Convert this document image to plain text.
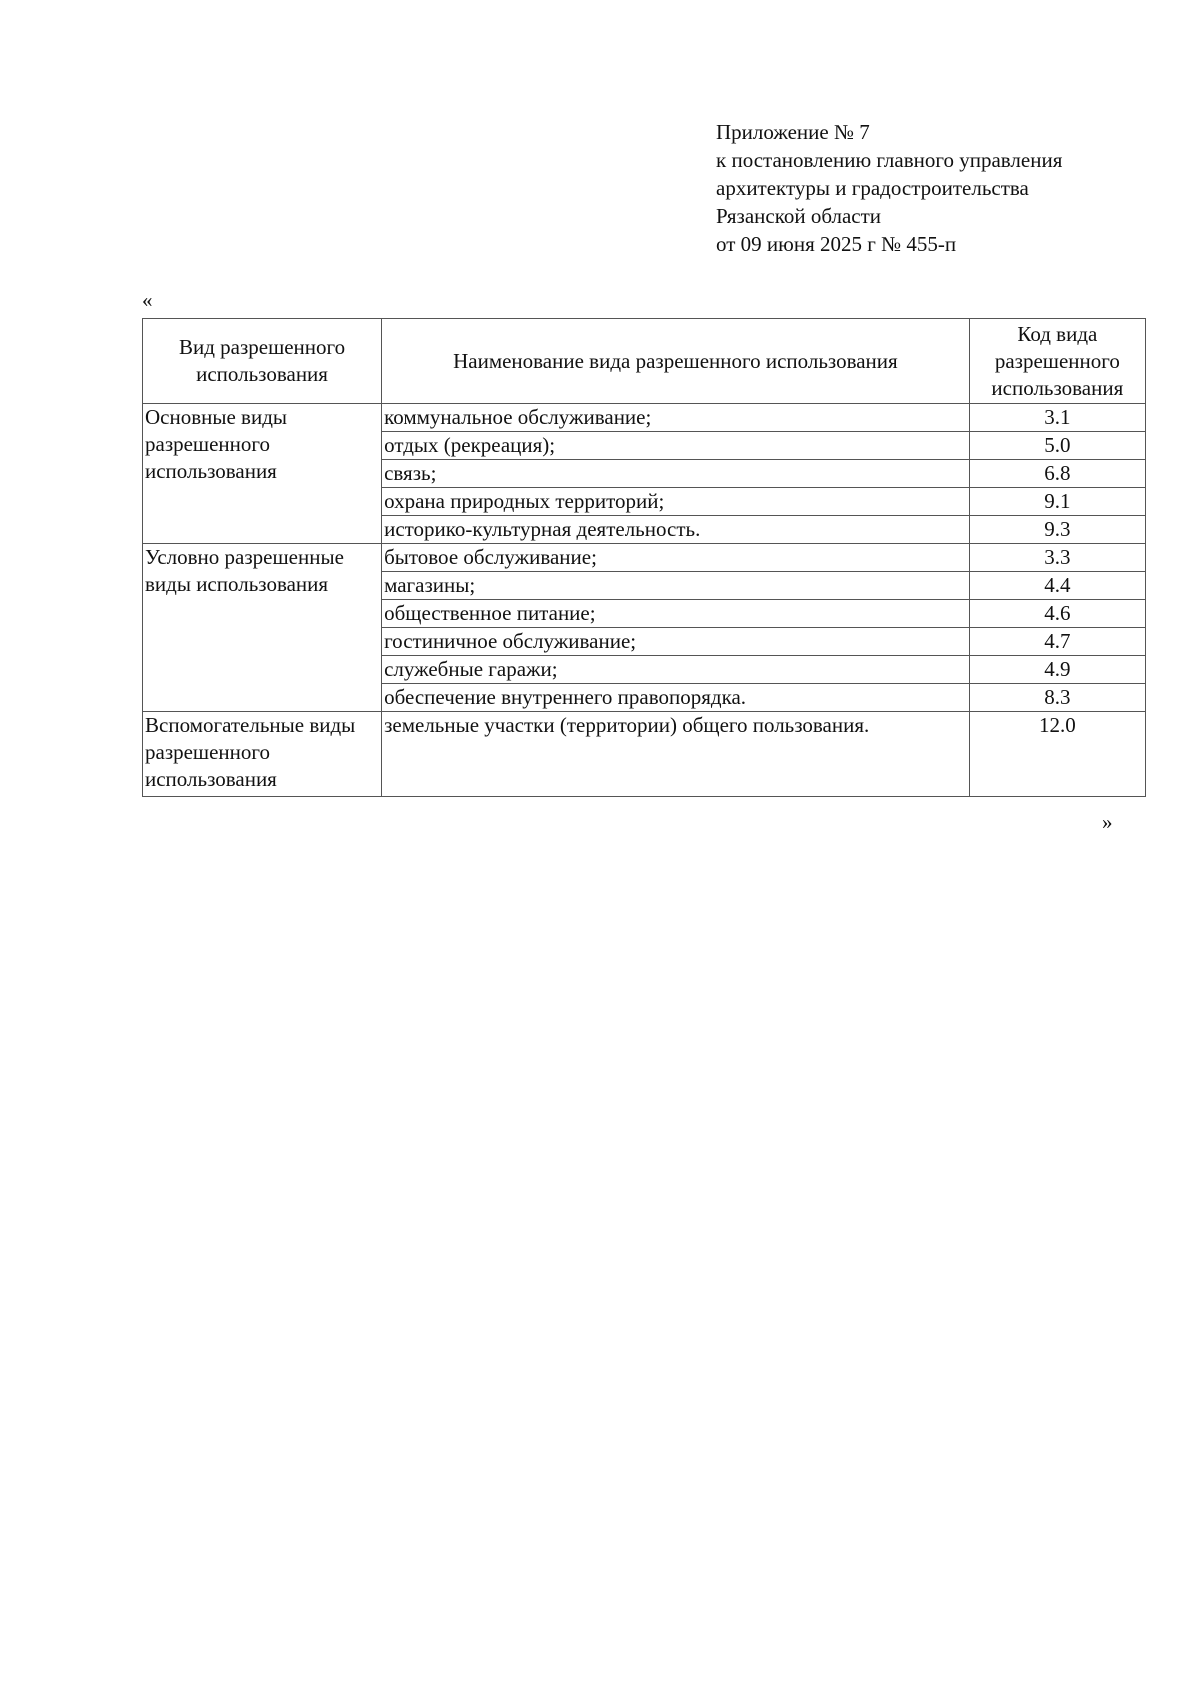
Приложение № 7
к постановлению главного управления
архитектуры и градостроительства
Рязанской области
от 09 июня 2025 г № 455-п
«
Вид разрешенного использования	Наименование вида разрешенного использования	Код вида разрешенного использования
Основные виды разрешенного использования	коммунальное обслуживание;	3.1
	отдых (рекреация);	5.0
	связь;	6.8
	охрана природных территорий;	9.1
	историко-культурная деятельность.	9.3
Условно разрешенные виды использования	бытовое обслуживание;	3.3
	магазины;	4.4
	общественное питание;	4.6
	гостиничное обслуживание;	4.7
	служебные гаражи;	4.9
	обеспечение внутреннего правопорядка.	8.3
Вспомогательные виды разрешенного использования	земельные участки (территории) общего пользования.	12.0
»
